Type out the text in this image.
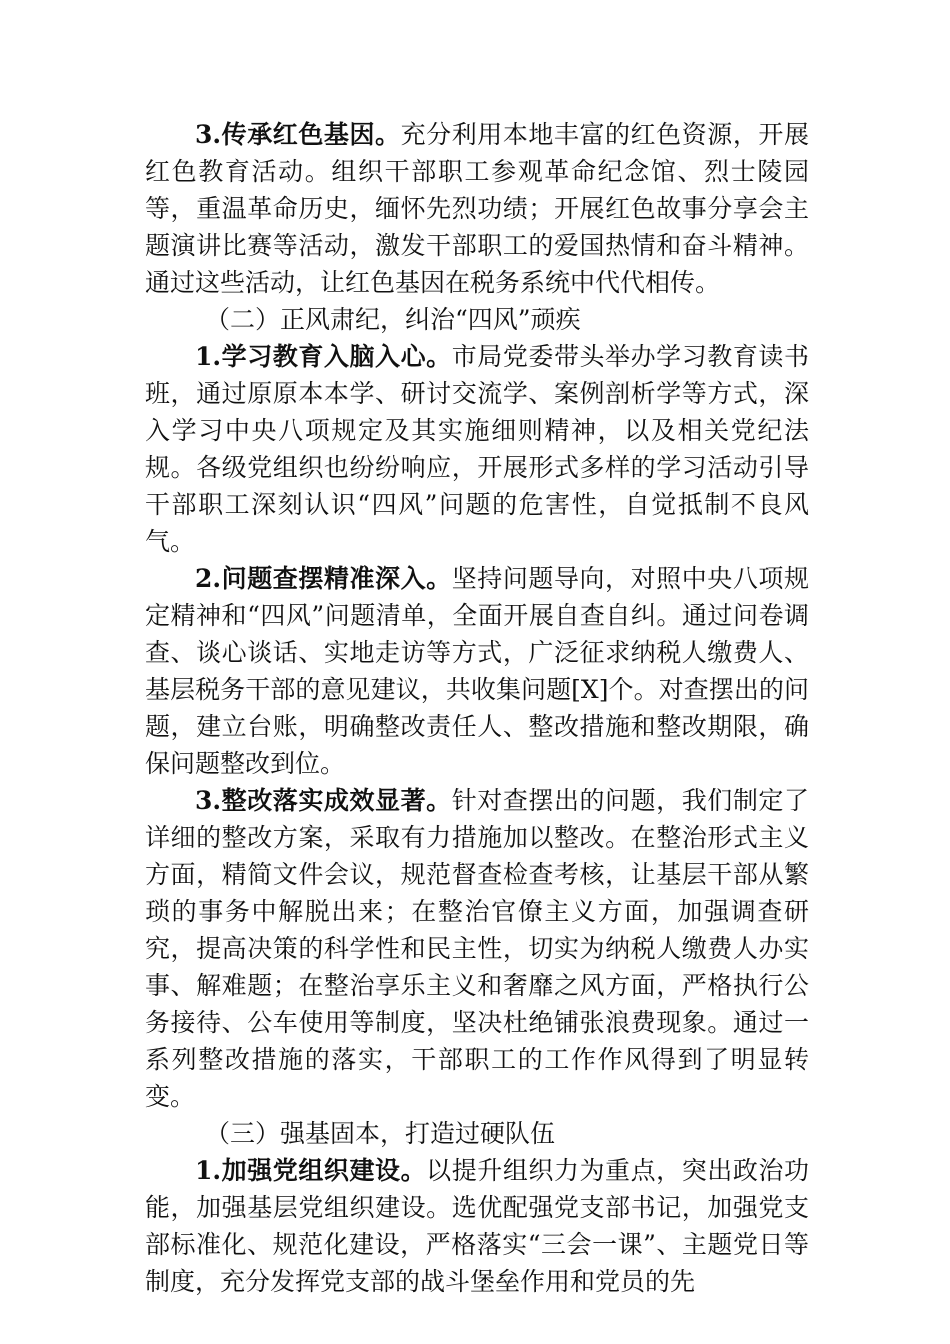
3.传承红色基因。充分利用本地丰富的红色资源，开展红色教育活动。组织干部职工参观革命纪念馆、烈士陵园等，重温革命历史，缅怀先烈功绩；开展红色故事分享会主题演讲比赛等活动，激发干部职工的爱国热情和奋斗精神。通过这些活动，让红色基因在税务系统中代代相传。

（二）正风肃纪，纠治“四风”顽疾

1.学习教育入脑入心。市局党委带头举办学习教育读书班，通过原原本本学、研讨交流学、案例剖析学等方式，深入学习中央八项规定及其实施细则精神，以及相关党纪法规。各级党组织也纷纷响应，开展形式多样的学习活动引导干部职工深刻认识“四风”问题的危害性，自觉抵制不良风气。

2.问题查摆精准深入。坚持问题导向，对照中央八项规定精神和“四风”问题清单，全面开展自查自纠。通过问卷调查、谈心谈话、实地走访等方式，广泛征求纳税人缴费人、基层税务干部的意见建议，共收集问题[X]个。对查摆出的问题，建立台账，明确整改责任人、整改措施和整改期限，确保问题整改到位。

3.整改落实成效显著。针对查摆出的问题，我们制定了详细的整改方案，采取有力措施加以整改。在整治形式主义方面，精简文件会议，规范督查检查考核，让基层干部从繁琐的事务中解脱出来；在整治官僚主义方面，加强调查研究，提高决策的科学性和民主性，切实为纳税人缴费人办实事、解难题；在整治享乐主义和奢靡之风方面，严格执行公务接待、公车使用等制度，坚决杜绝铺张浪费现象。通过一系列整改措施的落实，干部职工的工作作风得到了明显转变。

（三）强基固本，打造过硬队伍

1.加强党组织建设。以提升组织力为重点，突出政治功能，加强基层党组织建设。选优配强党支部书记，加强党支部标准化、规范化建设，严格落实“三会一课”、主题党日等制度，充分发挥党支部的战斗堡垒作用和党员的先
